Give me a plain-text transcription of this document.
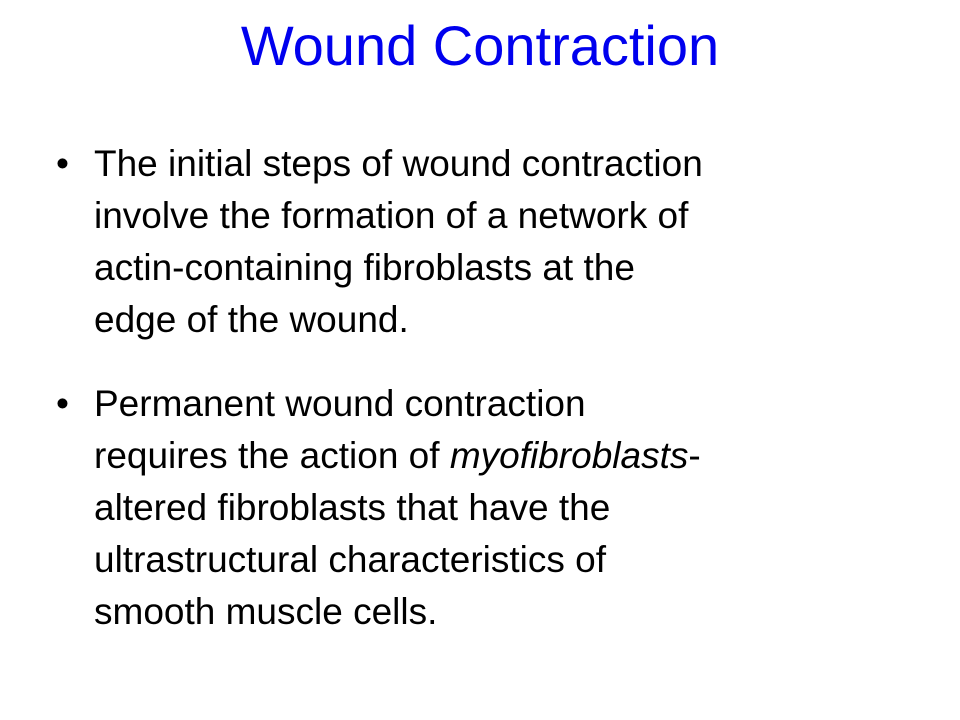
Wound Contraction
• The initial steps of wound contraction
involve the formation of a network of
actin-containing fibroblasts at the
edge of the wound.
• Permanent wound contraction
requires the action of myofibroblasts-
altered fibroblasts that have the
ultrastructural characteristics of
smooth muscle cells.
